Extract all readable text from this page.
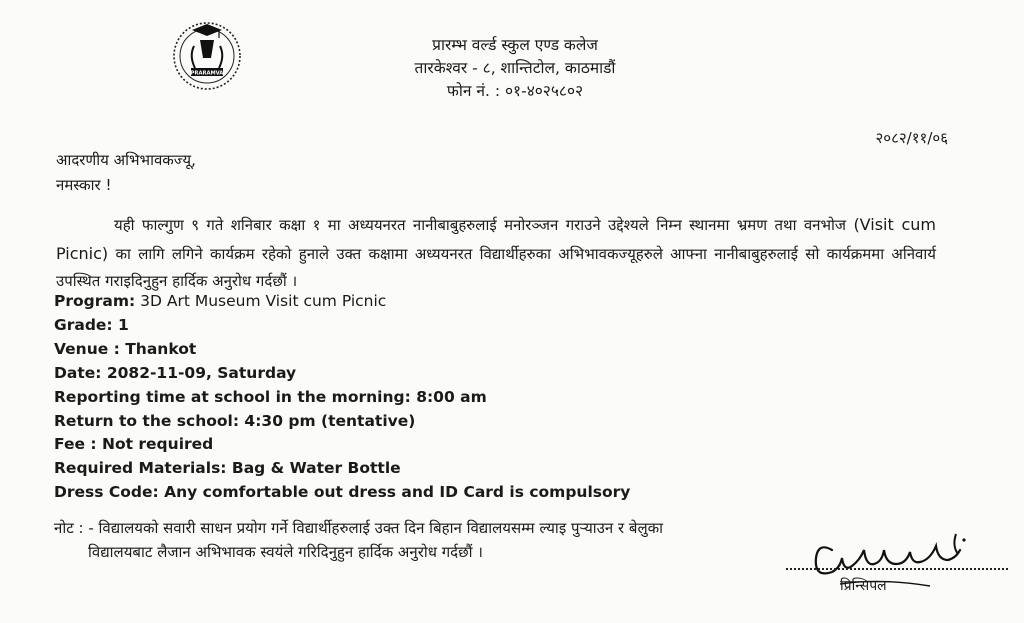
PRARAMVA
प्रारम्भ वर्ल्ड स्कुल एण्ड कलेज
तारकेश्वर - ८, शान्तिटोल, काठमाडौं
फोन नं. : ०१-४०२५८०२
२०८२/११/०६
आदरणीय अभिभावकज्यू,
नमस्कार !
यही फाल्गुण ९ गते शनिबार कक्षा १ मा अध्ययनरत नानीबाबुहरुलाई मनोरञ्जन गराउने उद्देश्यले निम्न स्थानमा भ्रमण तथा वनभोज (Visit cum Picnic) का लागि लगिने कार्यक्रम रहेको हुनाले उक्त कक्षामा अध्ययनरत विद्यार्थीहरुका अभिभावकज्यूहरुले आफ्ना नानीबाबुहरुलाई सो कार्यक्रममा अनिवार्य उपस्थित गराइदिनुहुन हार्दिक अनुरोध गर्दछौं ।
Program: 3D Art Museum Visit cum Picnic
Grade: 1
Venue : Thankot
Date: 2082-11-09, Saturday
Reporting time at school in the morning: 8:00 am
Return to the school: 4:30 pm (tentative)
Fee : Not required
Required Materials: Bag & Water Bottle
Dress Code: Any comfortable out dress and ID Card is compulsory
नोट : - विद्यालयको सवारी साधन प्रयोग गर्ने विद्यार्थीहरुलाई उक्त दिन बिहान विद्यालयसम्म ल्याइ पुर्‍याउन र बेलुका
विद्यालयबाट लैजान अभिभावक स्वयंले गरिदिनुहुन हार्दिक अनुरोध गर्दछौं ।
प्रिन्सिपल
